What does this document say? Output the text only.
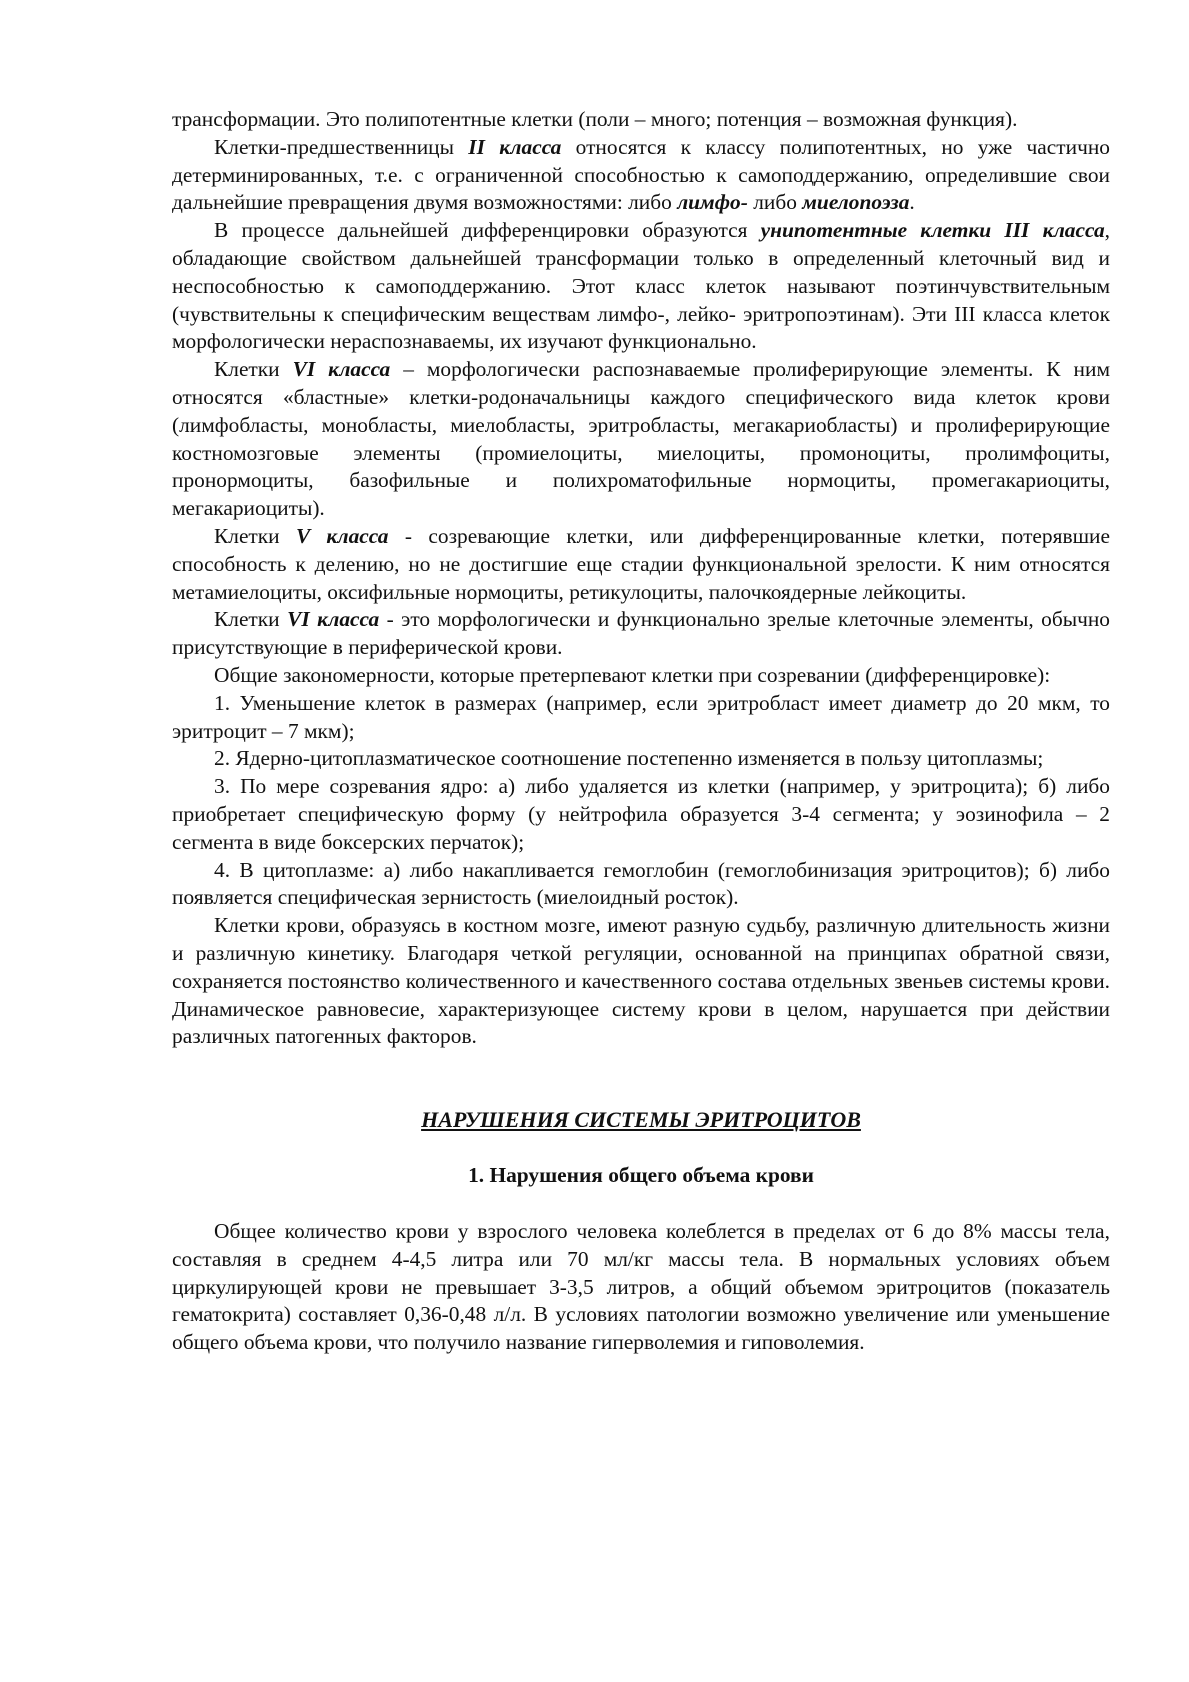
трансформации. Это полипотентные клетки (поли – много; потенция – возможная функция).

Клетки-предшественницы II класса относятся к классу полипотентных, но уже частично детерминированных, т.е. с ограниченной способностью к самоподдержанию, определившие свои дальнейшие превращения двумя возможностями: либо лимфо- либо миелопоэза.

В процессе дальнейшей дифференцировки образуются унипотентные клетки III класса, обладающие свойством дальнейшей трансформации только в определенный клеточный вид и неспособностью к самоподдержанию. Этот класс клеток называют поэтинчувствительным (чувствительны к специфическим веществам лимфо-, лейко- эритропоэтинам). Эти III класса клеток морфологически нераспознаваемы, их изучают функционально.

Клетки VI класса – морфологически распознаваемые пролиферирующие элементы. К ним относятся «бластные» клетки-родоначальницы каждого специфического вида клеток крови (лимфобласты, монобласты, миелобласты, эритробласты, мегакариобласты) и пролиферирующие костномозговые элементы (промиелоциты, миелоциты, промоноциты, пролимфоциты, пронормоциты, базофильные и полихроматофильные нормоциты, промегакариоциты, мегакариоциты).

Клетки V класса - созревающие клетки, или дифференцированные клетки, потерявшие способность к делению, но не достигшие еще стадии функциональной зрелости. К ним относятся метамиелоциты, оксифильные нормоциты, ретикулоциты, палочкоядерные лейкоциты.

Клетки VI класса - это морфологически и функционально зрелые клеточные элементы, обычно присутствующие в периферической крови.

Общие закономерности, которые претерпевают клетки при созревании (дифференцировке):

1. Уменьшение клеток в размерах (например, если эритробласт имеет диаметр до 20 мкм, то эритроцит – 7 мкм);

2. Ядерно-цитоплазматическое соотношение постепенно изменяется в пользу цитоплазмы;

3. По мере созревания ядро: а) либо удаляется из клетки (например, у эритроцита); б) либо приобретает специфическую форму (у нейтрофила образуется 3-4 сегмента; у эозинофила – 2 сегмента в виде боксерских перчаток);

4. В цитоплазме: а) либо накапливается гемоглобин (гемоглобинизация эритроцитов); б) либо появляется специфическая зернистость (миелоидный росток).

Клетки крови, образуясь в костном мозге, имеют разную судьбу, различную длительность жизни и различную кинетику. Благодаря четкой регуляции, основанной на принципах обратной связи, сохраняется постоянство количественного и качественного состава отдельных звеньев системы крови. Динамическое равновесие, характеризующее систему крови в целом, нарушается при действии различных патогенных факторов.

НАРУШЕНИЯ СИСТЕМЫ ЭРИТРОЦИТОВ
1. Нарушения общего объема крови

Общее количество крови у взрослого человека колеблется в пределах от 6 до 8% массы тела, составляя в среднем 4-4,5 литра или 70 мл/кг массы тела. В нормальных условиях объем циркулирующей крови не превышает 3-3,5 литров, а общий объемом эритроцитов (показатель гематокрита) составляет 0,36-0,48 л/л. В условиях патологии возможно увеличение или уменьшение общего объема крови, что получило название гиперволемия и гиповолемия.
